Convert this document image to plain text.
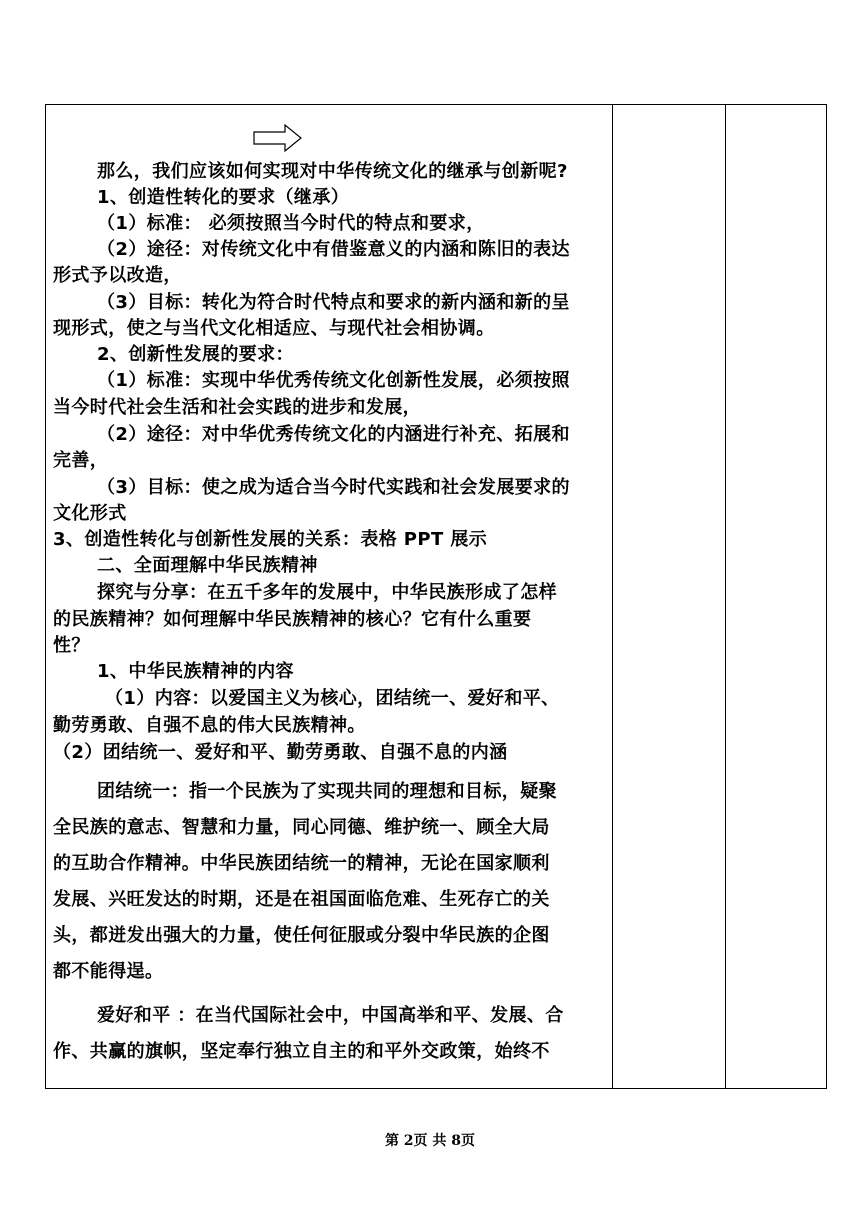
那么，我们应该如何实现对中华传统文化的继承与创新呢?
1、创造性转化的要求（继承）
（1）标准： 必须按照当今时代的特点和要求，
（2）途径：对传统文化中有借鉴意义的内涵和陈旧的表达
形式予以改造，
（3）目标：转化为符合时代特点和要求的新内涵和新的呈
现形式，使之与当代文化相适应、与现代社会相协调。
2、创新性发展的要求：
（1）标准：实现中华优秀传统文化创新性发展，必须按照
当今时代社会生活和社会实践的进步和发展，
（2）途径：对中华优秀传统文化的内涵进行补充、拓展和
完善，
（3）目标：使之成为适合当今时代实践和社会发展要求的
文化形式
3、创造性转化与创新性发展的关系：表格 PPT 展示
二、全面理解中华民族精神
探究与分享：在五千多年的发展中，中华民族形成了怎样
的民族精神？如何理解中华民族精神的核心？它有什么重要
性？
1、中华民族精神的内容
（1）内容：以爱国主义为核心，团结统一、爱好和平、
勤劳勇敢、自强不息的伟大民族精神。
（2）团结统一、爱好和平、勤劳勇敢、自强不息的内涵
团结统一：指一个民族为了实现共同的理想和目标，疑聚
全民族的意志、智慧和力量，同心同德、维护统一、顾全大局
的互助合作精神。中华民族团结统一的精神，无论在国家顺利
发展、兴旺发达的时期，还是在祖国面临危难、生死存亡的关
头，都迸发出强大的力量，使任何征服或分裂中华民族的企图
都不能得逞。
爱好和平 ：在当代国际社会中，中国高举和平、发展、合
作、共赢的旗帜，坚定奉行独立自主的和平外交政策，始终不
第 2页 共 8页
